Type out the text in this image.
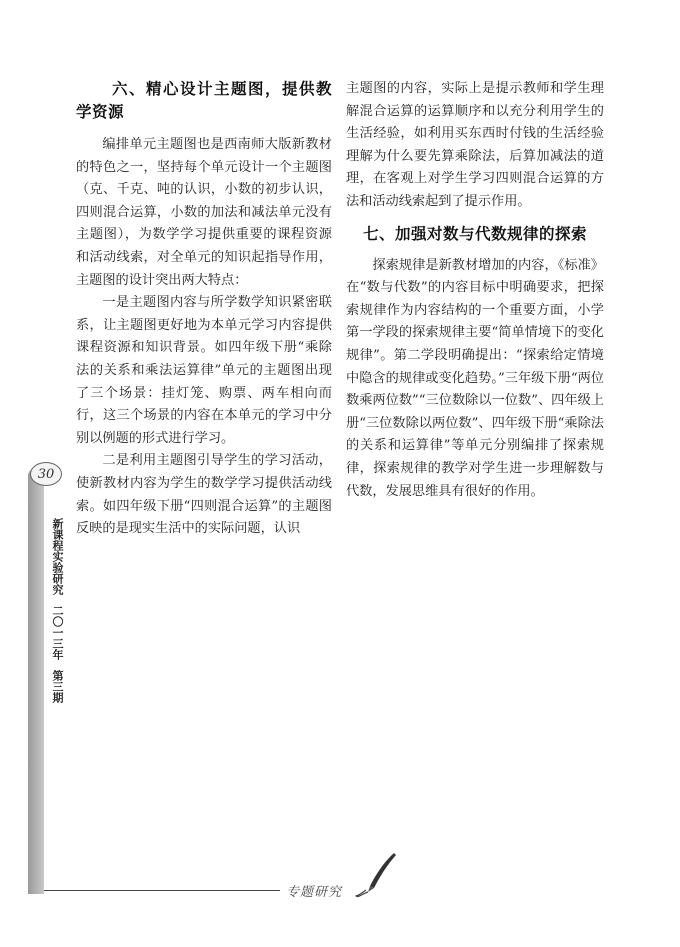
30
新课程实验研究二〇一三年第三期
六、精心设计主题图，提供教学资源

编排单元主题图也是西南师大版新教材的特色之一，坚持每个单元设计一个主题图（克、千克、吨的认识，小数的初步认识，四则混合运算，小数的加法和减法单元没有主题图），为数学学习提供重要的课程资源和活动线索，对全单元的知识起指导作用，主题图的设计突出两大特点：

一是主题图内容与所学数学知识紧密联系，让主题图更好地为本单元学习内容提供课程资源和知识背景。如四年级下册“乘除法的关系和乘法运算律”单元的主题图出现了三个场景：挂灯笼、购票、两车相向而行，这三个场景的内容在本单元的学习中分别以例题的形式进行学习。

二是利用主题图引导学生的学习活动，使新教材内容为学生的数学学习提供活动线索。如四年级下册“四则混合运算”的主题图反映的是现实生活中的实际问题，认识

主题图的内容，实际上是提示教师和学生理解混合运算的运算顺序和以充分利用学生的生活经验，如利用买东西时付钱的生活经验理解为什么要先算乘除法，后算加减法的道理，在客观上对学生学习四则混合运算的方法和活动线索起到了提示作用。

七、加强对数与代数规律的探索

探索规律是新教材增加的内容，《标准》在“数与代数”的内容目标中明确要求，把探索规律作为内容结构的一个重要方面，小学第一学段的探索规律主要“简单情境下的变化规律”。第二学段明确提出：“探索给定情境中隐含的规律或变化趋势。”三年级下册“两位数乘两位数”“三位数除以一位数”、四年级上册“三位数除以两位数”、四年级下册“乘除法的关系和运算律”等单元分别编排了探索规律，探索规律的教学对学生进一步理解数与代数，发展思维具有很好的作用。

专题研究
